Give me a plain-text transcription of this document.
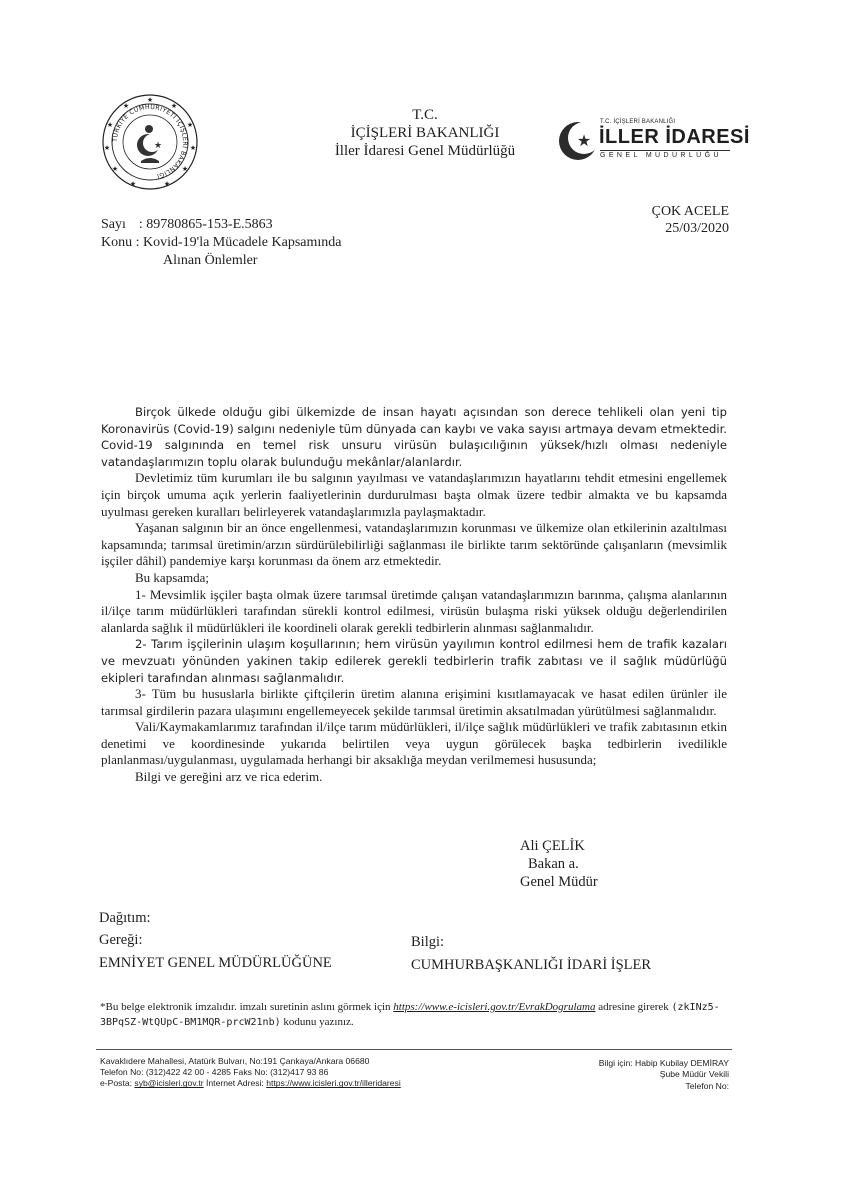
TÜRKİYE CUMHURİYETİ İÇİŞLERİ BAKANLIĞI
★
★	★
★	★
★	★
★	★
★	★
★
T.C.
İÇİŞLERİ BAKANLIĞI
İller İdaresi Genel Müdürlüğü
★
T.C. İÇİŞLERİ BAKANLIĞI
İLLER İDARESİ
GENEL MÜDÜRLÜĞÜ
Sayı : 89780865-153-E.5863
Konu : Kovid-19'la Mücadele Kapsamında
Alınan Önlemler
ÇOK ACELE
25/03/2020

Birçok ülkede olduğu gibi ülkemizde de insan hayatı açısından son derece tehlikeli olan yeni tip Koronavirüs (Covid-19) salgını nedeniyle tüm dünyada can kaybı ve vaka sayısı artmaya devam etmektedir. Covid-19 salgınında en temel risk unsuru virüsün bulaşıcılığının yüksek/hızlı olması nedeniyle vatandaşlarımızın toplu olarak bulunduğu mekânlar/alanlardır.

Devletimiz tüm kurumları ile bu salgının yayılması ve vatandaşlarımızın hayatlarını tehdit etmesini engellemek için birçok umuma açık yerlerin faaliyetlerinin durdurulması başta olmak üzere tedbir almakta ve bu kapsamda uyulması gereken kuralları belirleyerek vatandaşlarımızla paylaşmaktadır.

Yaşanan salgının bir an önce engellenmesi, vatandaşlarımızın korunması ve ülkemize olan etkilerinin azaltılması kapsamında; tarımsal üretimin/arzın sürdürülebilirliği sağlanması ile birlikte tarım sektöründe çalışanların (mevsimlik işçiler dâhil) pandemiye karşı korunması da önem arz etmektedir.

Bu kapsamda;

1- Mevsimlik işçiler başta olmak üzere tarımsal üretimde çalışan vatandaşlarımızın barınma, çalışma alanlarının il/ilçe tarım müdürlükleri tarafından sürekli kontrol edilmesi, virüsün bulaşma riski yüksek olduğu değerlendirilen alanlarda sağlık il müdürlükleri ile koordineli olarak gerekli tedbirlerin alınması sağlanmalıdır.

2- Tarım işçilerinin ulaşım koşullarının; hem virüsün yayılımın kontrol edilmesi hem de trafik kazaları ve mevzuatı yönünden yakinen takip edilerek gerekli tedbirlerin trafik zabıtası ve il sağlık müdürlüğü ekipleri tarafından alınması sağlanmalıdır.

3- Tüm bu hususlarla birlikte çiftçilerin üretim alanına erişimini kısıtlamayacak ve hasat edilen ürünler ile tarımsal girdilerin pazara ulaşımını engellemeyecek şekilde tarımsal üretimin aksatılmadan yürütülmesi sağlanmalıdır.

Vali/Kaymakamlarımız tarafından il/ilçe tarım müdürlükleri, il/ilçe sağlık müdürlükleri ve trafik zabıtasının etkin denetimi ve koordinesinde yukarıda belirtilen veya uygun görülecek başka tedbirlerin ivedilikle planlanması/uygulanması, uygulamada herhangi bir aksaklığa meydan verilmemesi hususunda;

Bilgi ve gereğini arz ve rica ederim.

Ali ÇELİK
Bakan a.
Genel Müdür
Dağıtım:
Gereği:
EMNİYET GENEL MÜDÜRLÜĞÜNE
Bilgi:
CUMHURBAŞKANLIĞI İDARİ İŞLER
*Bu belge elektronik imzalıdır. imzalı suretinin aslını görmek için https://www.e-icisleri.gov.tr/EvrakDogrulama adresine girerek (zkINz5-3BPqSZ-WtQUpC-BM1MQR-prcW21nb) kodunu yazınız.
Kavaklıdere Mahallesi, Atatürk Bulvarı, No:191 Çankaya/Ankara 06680
Telefon No: (312)422 42 00 - 4285 Faks No: (312)417 93 86
e-Posta: syb@icisleri.gov.tr İnternet Adresi: https://www.icisleri.gov.tr/illeridaresi
Bilgi için: Habip Kubilay DEMİRAY
Şube Müdür Vekili
Telefon No:
